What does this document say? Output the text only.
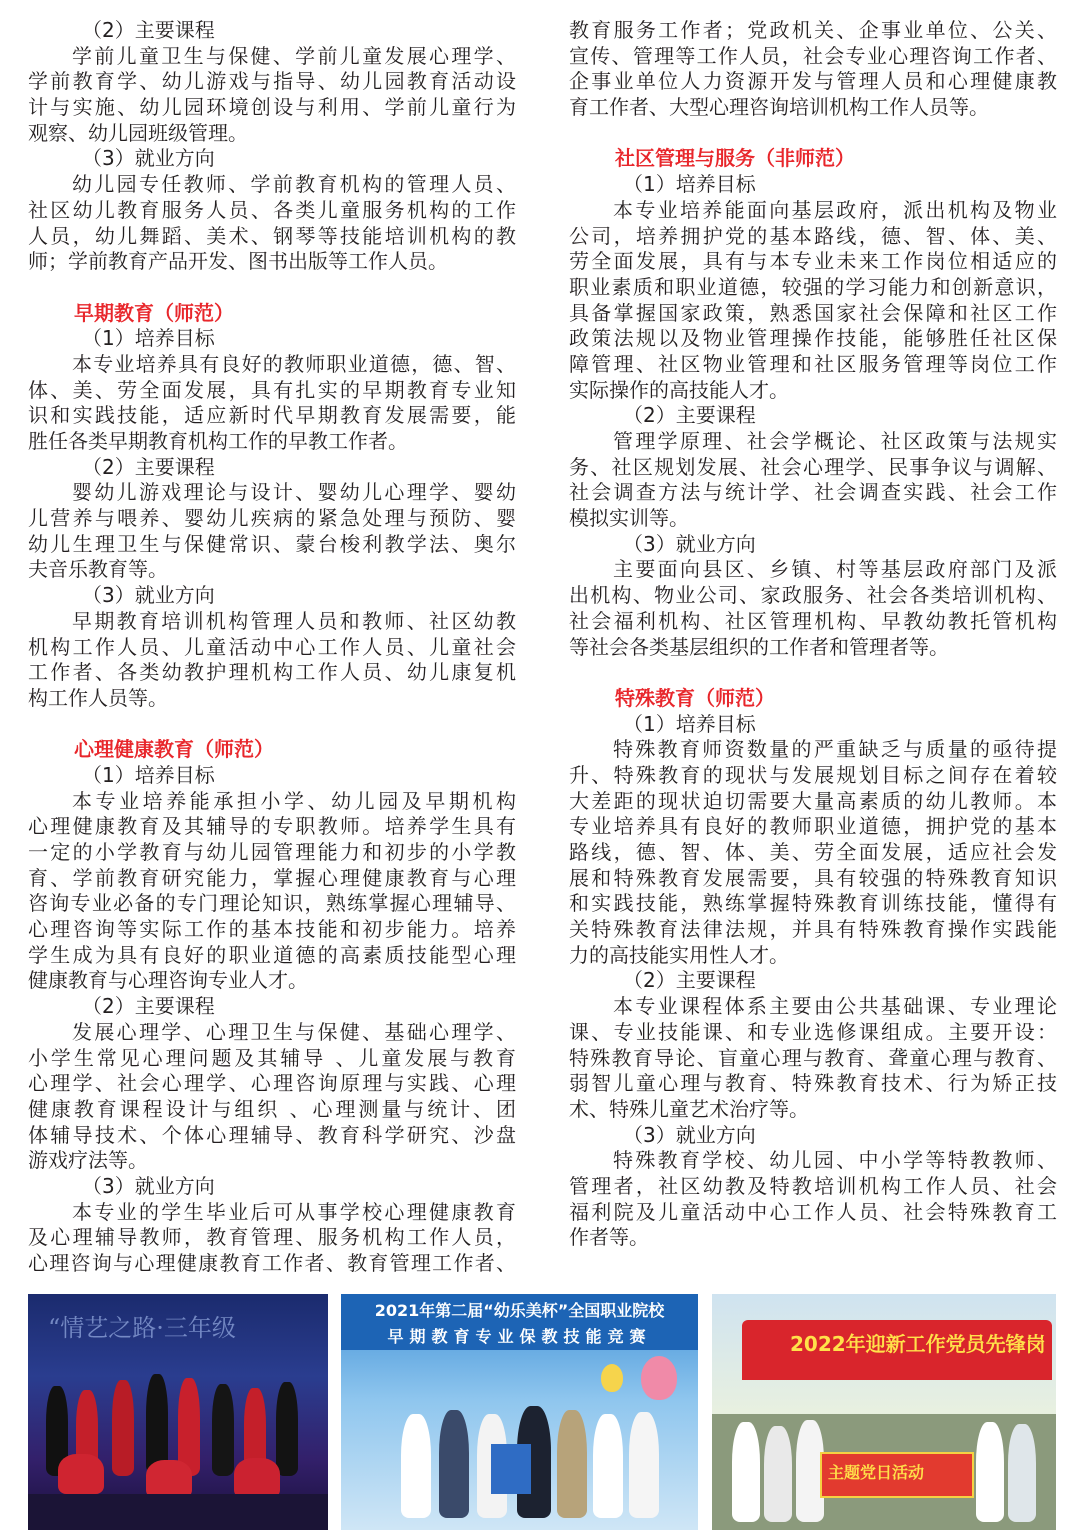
（2）主要课程
学前儿童卫生与保健、学前儿童发展心理学、
学前教育学、幼儿游戏与指导、幼儿园教育活动设
计与实施、幼儿园环境创设与利用、学前儿童行为
观察、幼儿园班级管理。
（3）就业方向
幼儿园专任教师、学前教育机构的管理人员、
社区幼儿教育服务人员、各类儿童服务机构的工作
人员，幼儿舞蹈、美术、钢琴等技能培训机构的教
师；学前教育产品开发、图书出版等工作人员。
早期教育（师范）
（1）培养目标
本专业培养具有良好的教师职业道德，德、智、
体、美、劳全面发展，具有扎实的早期教育专业知
识和实践技能，适应新时代早期教育发展需要，能
胜任各类早期教育机构工作的早教工作者。
（2）主要课程
婴幼儿游戏理论与设计、婴幼儿心理学、婴幼
儿营养与喂养、婴幼儿疾病的紧急处理与预防、婴
幼儿生理卫生与保健常识、蒙台梭利教学法、奥尔
夫音乐教育等。
（3）就业方向
早期教育培训机构管理人员和教师、社区幼教
机构工作人员、儿童活动中心工作人员、儿童社会
工作者、各类幼教护理机构工作人员、幼儿康复机
构工作人员等。
心理健康教育（师范）
（1）培养目标
本专业培养能承担小学、幼儿园及早期机构
心理健康教育及其辅导的专职教师。培养学生具有
一定的小学教育与幼儿园管理能力和初步的小学教
育、学前教育研究能力，掌握心理健康教育与心理
咨询专业必备的专门理论知识，熟练掌握心理辅导、
心理咨询等实际工作的基本技能和初步能力。培养
学生成为具有良好的职业道德的高素质技能型心理
健康教育与心理咨询专业人才。
（2）主要课程
发展心理学、心理卫生与保健、基础心理学、
小学生常见心理问题及其辅导 、儿童发展与教育
心理学、社会心理学、心理咨询原理与实践、心理
健康教育课程设计与组织 、心理测量与统计、团
体辅导技术、个体心理辅导、教育科学研究、沙盘
游戏疗法等。
（3）就业方向
本专业的学生毕业后可从事学校心理健康教育
及心理辅导教师，教育管理、服务机构工作人员，
心理咨询与心理健康教育工作者、教育管理工作者、
教育服务工作者；党政机关、企事业单位、公关、
宣传、管理等工作人员，社会专业心理咨询工作者、
企事业单位人力资源开发与管理人员和心理健康教
育工作者、大型心理咨询培训机构工作人员等。
社区管理与服务（非师范）
（1）培养目标
本专业培养能面向基层政府，派出机构及物业
公司，培养拥护党的基本路线，德、智、体、美、
劳全面发展，具有与本专业未来工作岗位相适应的
职业素质和职业道德，较强的学习能力和创新意识，
具备掌握国家政策，熟悉国家社会保障和社区工作
政策法规以及物业管理操作技能，能够胜任社区保
障管理、社区物业管理和社区服务管理等岗位工作
实际操作的高技能人才。
（2）主要课程
管理学原理、社会学概论、社区政策与法规实
务、社区规划发展、社会心理学、民事争议与调解、
社会调查方法与统计学、社会调查实践、社会工作
模拟实训等。
（3）就业方向
主要面向县区、乡镇、村等基层政府部门及派
出机构、物业公司、家政服务、社会各类培训机构、
社会福利机构、社区管理机构、早教幼教托管机构
等社会各类基层组织的工作者和管理者等。
特殊教育（师范）
（1）培养目标
特殊教育师资数量的严重缺乏与质量的亟待提
升、特殊教育的现状与发展规划目标之间存在着较
大差距的现状迫切需要大量高素质的幼儿教师。本
专业培养具有良好的教师职业道德，拥护党的基本
路线，德、智、体、美、劳全面发展，适应社会发
展和特殊教育发展需要，具有较强的特殊教育知识
和实践技能，熟练掌握特殊教育训练技能，懂得有
关特殊教育法律法规，并具有特殊教育操作实践能
力的高技能实用性人才。
（2）主要课程
本专业课程体系主要由公共基础课、专业理论
课、专业技能课、和专业选修课组成。主要开设：
特殊教育导论、盲童心理与教育、聋童心理与教育、
弱智儿童心理与教育、特殊教育技术、行为矫正技
术、特殊儿童艺术治疗等。
（3）就业方向
特殊教育学校、幼儿园、中小学等特教教师、
管理者，社区幼教及特教培训机构工作人员、社会
福利院及儿童活动中心工作人员、社会特殊教育工
作者等。
“情艺之路·三年级
2021年第二届“幼乐美杯”全国职业院校
早期教育专业保教技能竞赛	2022年迎新工作党员先锋岗
主题党日活动
